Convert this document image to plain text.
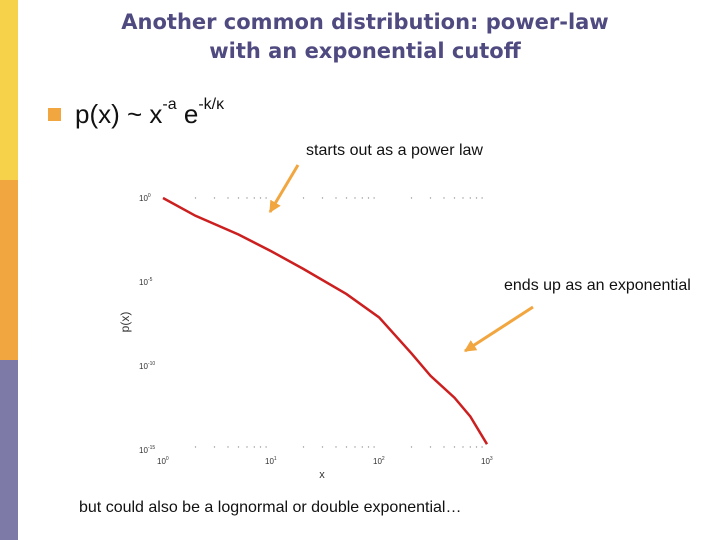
Another common distribution: power-law
with an exponential cutoff
p(x) ~ $x^{-a}$ $e^{-k/\kappa}$
starts out as a power law
ends up as an exponential
but could also be a lognormal or double exponential…
$10^0$
$10^{-5}$
$10^{-10}$
$10^{-15}$
$10^0$	$10^1$	$10^2$	$10^3$
p(x)
x
